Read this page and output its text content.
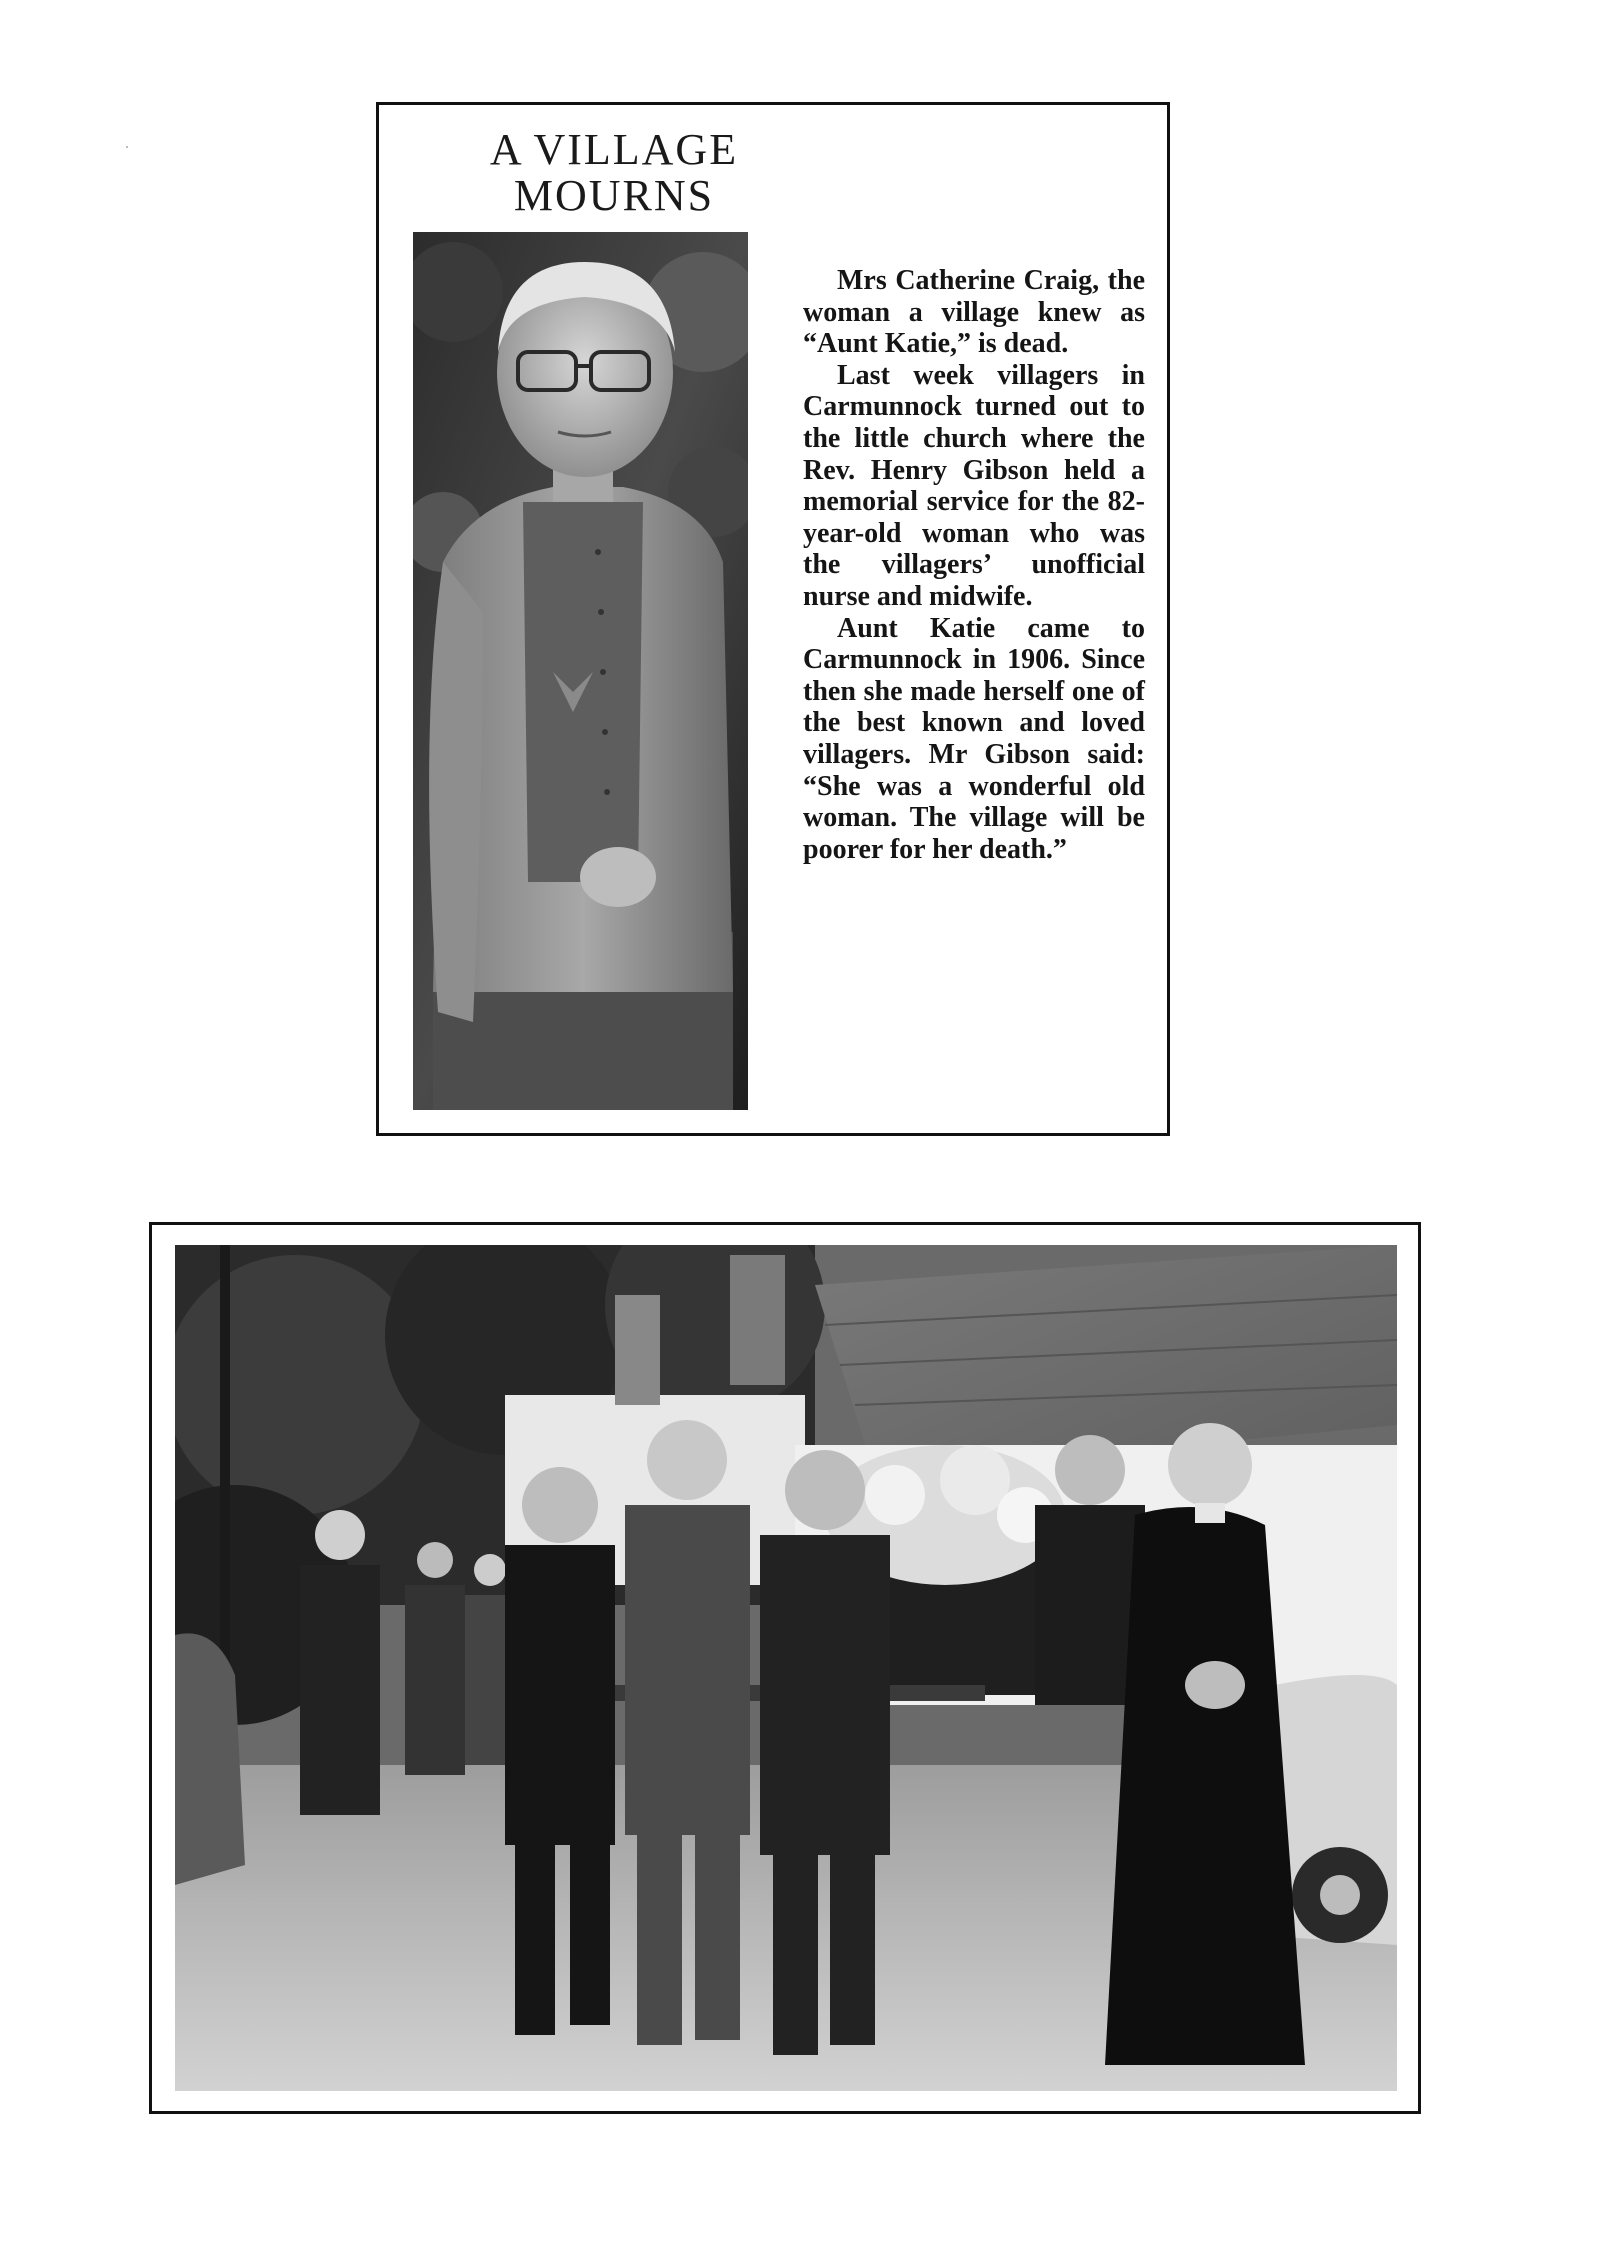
A VILLAGE MOURNS

Mrs Catherine Craig, the woman a village knew as “Aunt Katie,” is dead.

Last week villagers in Carmunnock turned out to the little church where the Rev. Henry Gibson held a memorial service for the 82-year-old woman who was the villagers’ unofficial nurse and midwife.

Aunt Katie came to Carmunnock in 1906. Since then she made herself one of the best known and loved villagers. Mr Gibson said: “She was a wonderful old woman. The village will be poorer for her death.”
